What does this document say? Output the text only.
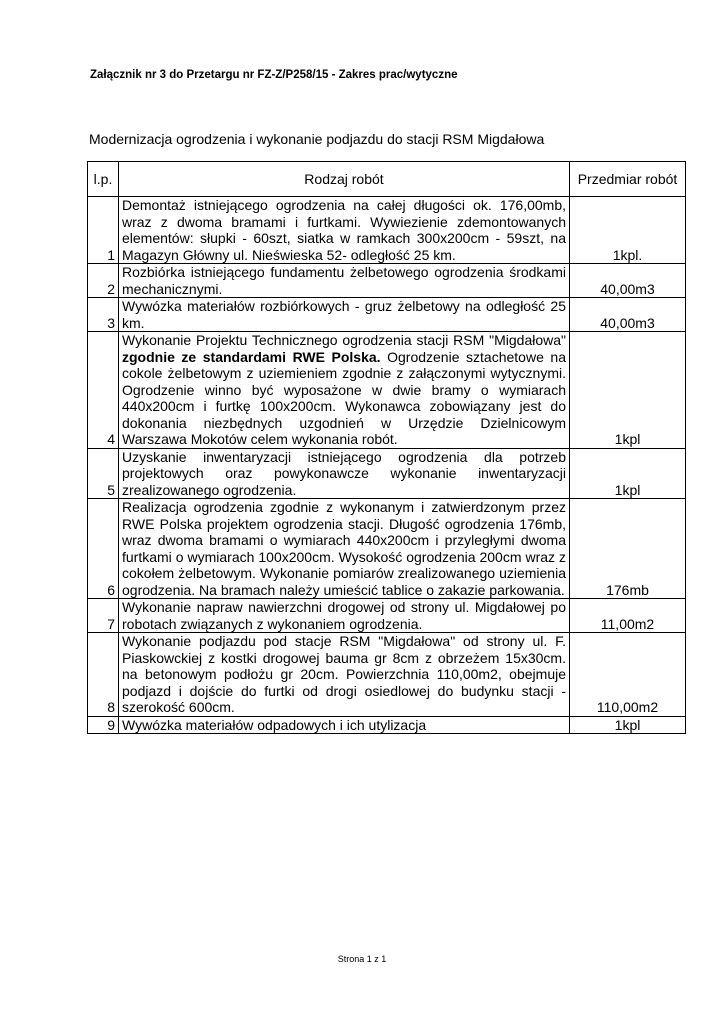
Załącznik nr 3 do Przetargu nr FZ-Z/P258/15 - Zakres prac/wytyczne
Modernizacja ogrodzenia i wykonanie podjazdu do stacji RSM Migdałowa
l.p.	Rodzaj robót	Przedmiar robót
1	Demontaż istniejącego ogrodzenia na całej długości ok. 176,00mb, wraz z dwoma bramami i furtkami. Wywiezienie zdemontowanych elementów: słupki - 60szt, siatka w ramkach 300x200cm - 59szt, na Magazyn Główny ul. Nieświeska 52- odległość 25 km.	1kpl.
2	Rozbiórka istniejącego fundamentu żelbetowego ogrodzenia środkami mechanicznymi.	40,00m3
3	Wywózka materiałów rozbiórkowych - gruz żelbetowy na odległość 25 km.	40,00m3
4	Wykonanie Projektu Technicznego ogrodzenia stacji RSM "Migdałowa" zgodnie ze standardami RWE Polska. Ogrodzenie sztachetowe na cokole żelbetowym z uziemieniem zgodnie z załączonymi wytycznymi. Ogrodzenie winno być wyposażone w dwie bramy o wymiarach 440x200cm i furtkę 100x200cm. Wykonawca zobowiązany jest do dokonania niezbędnych uzgodnień w Urzędzie Dzielnicowym Warszawa Mokotów celem wykonania robót.	1kpl
5	Uzyskanie inwentaryzacji istniejącego ogrodzenia dla potrzeb projektowych oraz powykonawcze wykonanie inwentaryzacji zrealizowanego ogrodzenia.	1kpl
6	Realizacja ogrodzenia zgodnie z wykonanym i zatwierdzonym przez RWE Polska projektem ogrodzenia stacji. Długość ogrodzenia 176mb, wraz dwoma bramami o wymiarach 440x200cm i przyległymi dwoma furtkami o wymiarach 100x200cm. Wysokość ogrodzenia 200cm wraz z cokołem żelbetowym. Wykonanie pomiarów zrealizowanego uziemienia ogrodzenia. Na bramach należy umieścić tablice o zakazie parkowania.	176mb
7	Wykonanie napraw nawierzchni drogowej od strony ul. Migdałowej po robotach związanych z wykonaniem ogrodzenia.	11,00m2
8	Wykonanie podjazdu pod stacje RSM "Migdałowa" od strony ul. F. Piaskowckiej z kostki drogowej bauma gr 8cm z obrzeżem 15x30cm. na betonowym podłożu gr 20cm. Powierzchnia 110,00m2, obejmuje podjazd i dojście do furtki od drogi osiedlowej do budynku stacji - szerokość 600cm.	110,00m2
9	Wywózka materiałów odpadowych i ich utylizacja	1kpl
Strona 1 z 1
